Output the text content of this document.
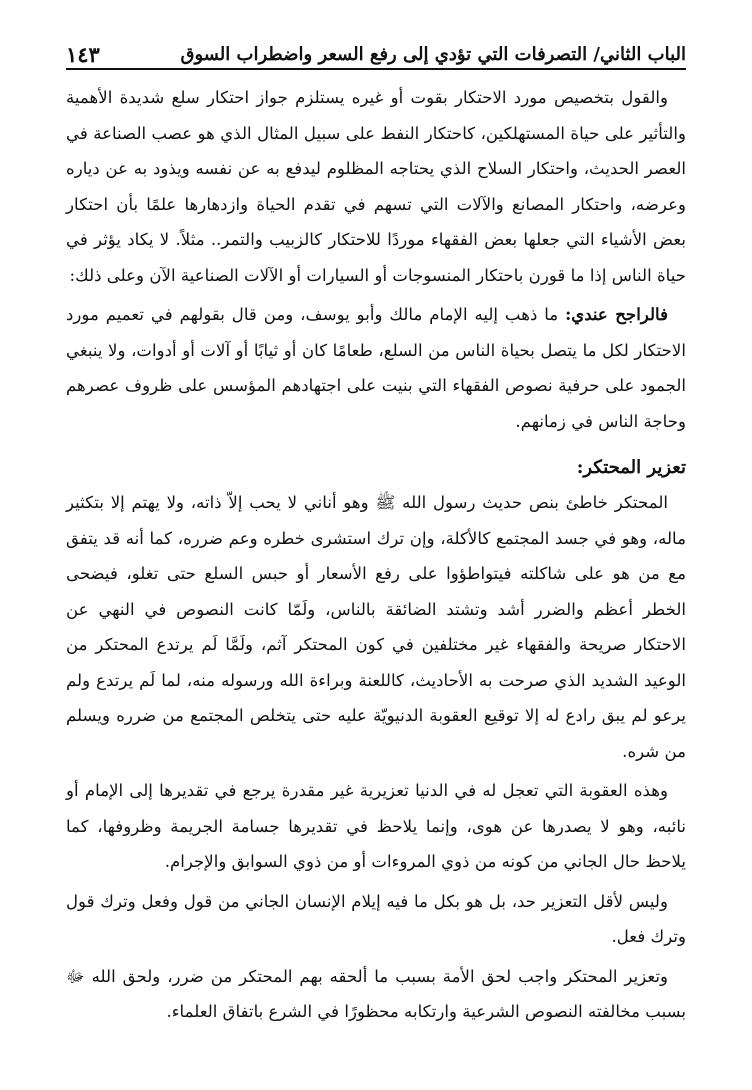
الباب الثاني/ التصرفات التي تؤدي إلى رفع السعر واضطراب السوق
١٤٣

والقول بتخصيص مورد الاحتكار بقوت أو غيره يستلزم جواز احتكار سلع شديدة الأهمية والتأثير على حياة المستهلكين، كاحتكار النفط على سبيل المثال الذي هو عصب الصناعة في العصر الحديث، واحتكار السلاح الذي يحتاجه المظلوم ليدفع به عن نفسه ويذود به عن دياره وعرضه، واحتكار المصانع والآلات التي تسهم في تقدم الحياة وازدهارها علمًا بأن احتكار بعض الأشياء التي جعلها بعض الفقهاء موردًا للاحتكار كالزبيب والتمر.. مثلاً. لا يكاد يؤثر في حياة الناس إذا ما قورن باحتكار المنسوجات أو السيارات أو الآلات الصناعية الآن وعلى ذلك:

فالراجح عندي: ما ذهب إليه الإمام مالك وأبو يوسف، ومن قال بقولهم في تعميم مورد الاحتكار لكل ما يتصل بحياة الناس من السلع، طعامًا كان أو ثيابًا أو آلات أو أدوات، ولا ينبغي الجمود على حرفية نصوص الفقهاء التي بنيت على اجتهادهم المؤسس على ظروف عصرهم وحاجة الناس في زمانهم.

تعزير المحتكر:

المحتكر خاطئ بنص حديث رسول الله ﷺ وهو أناني لا يحب إلاّ ذاته، ولا يهتم إلا بتكثير ماله، وهو في جسد المجتمع كالأكلة، وإن ترك استشرى خطره وعم ضرره، كما أنه قد يتفق مع من هو على شاكلته فيتواطؤوا على رفع الأسعار أو حبس السلع حتى تغلو، فيضحى الخطر أعظم والضرر أشد وتشتد الضائقة بالناس، ولَمّا كانت النصوص في النهي عن الاحتكار صريحة والفقهاء غير مختلفين في كون المحتكر آثم، ولَمَّا لَم يرتدع المحتكر من الوعيد الشديد الذي صرحت به الأحاديث، كاللعنة وبراءة الله ورسوله منه، لما لَم يرتدع ولم يرعو لم يبق رادع له إلا توقيع العقوبة الدنيويّة عليه حتى يتخلص المجتمع من ضرره ويسلم من شره.

وهذه العقوبة التي تعجل له في الدنيا تعزيرية غير مقدرة يرجع في تقديرها إلى الإمام أو نائبه، وهو لا يصدرها عن هوى، وإنما يلاحظ في تقديرها جسامة الجريمة وظروفها، كما يلاحظ حال الجاني من كونه من ذوي المروءات أو من ذوي السوابق والإجرام.

وليس لأقل التعزير حد، بل هو بكل ما فيه إيلام الإنسان الجاني من قول وفعل وترك قول وترك فعل.

وتعزير المحتكر واجب لحق الأمة بسبب ما ألحقه بهم المحتكر من ضرر، ولحق الله ﷻ بسبب مخالفته النصوص الشرعية وارتكابه محظورًا في الشرع باتفاق العلماء.
